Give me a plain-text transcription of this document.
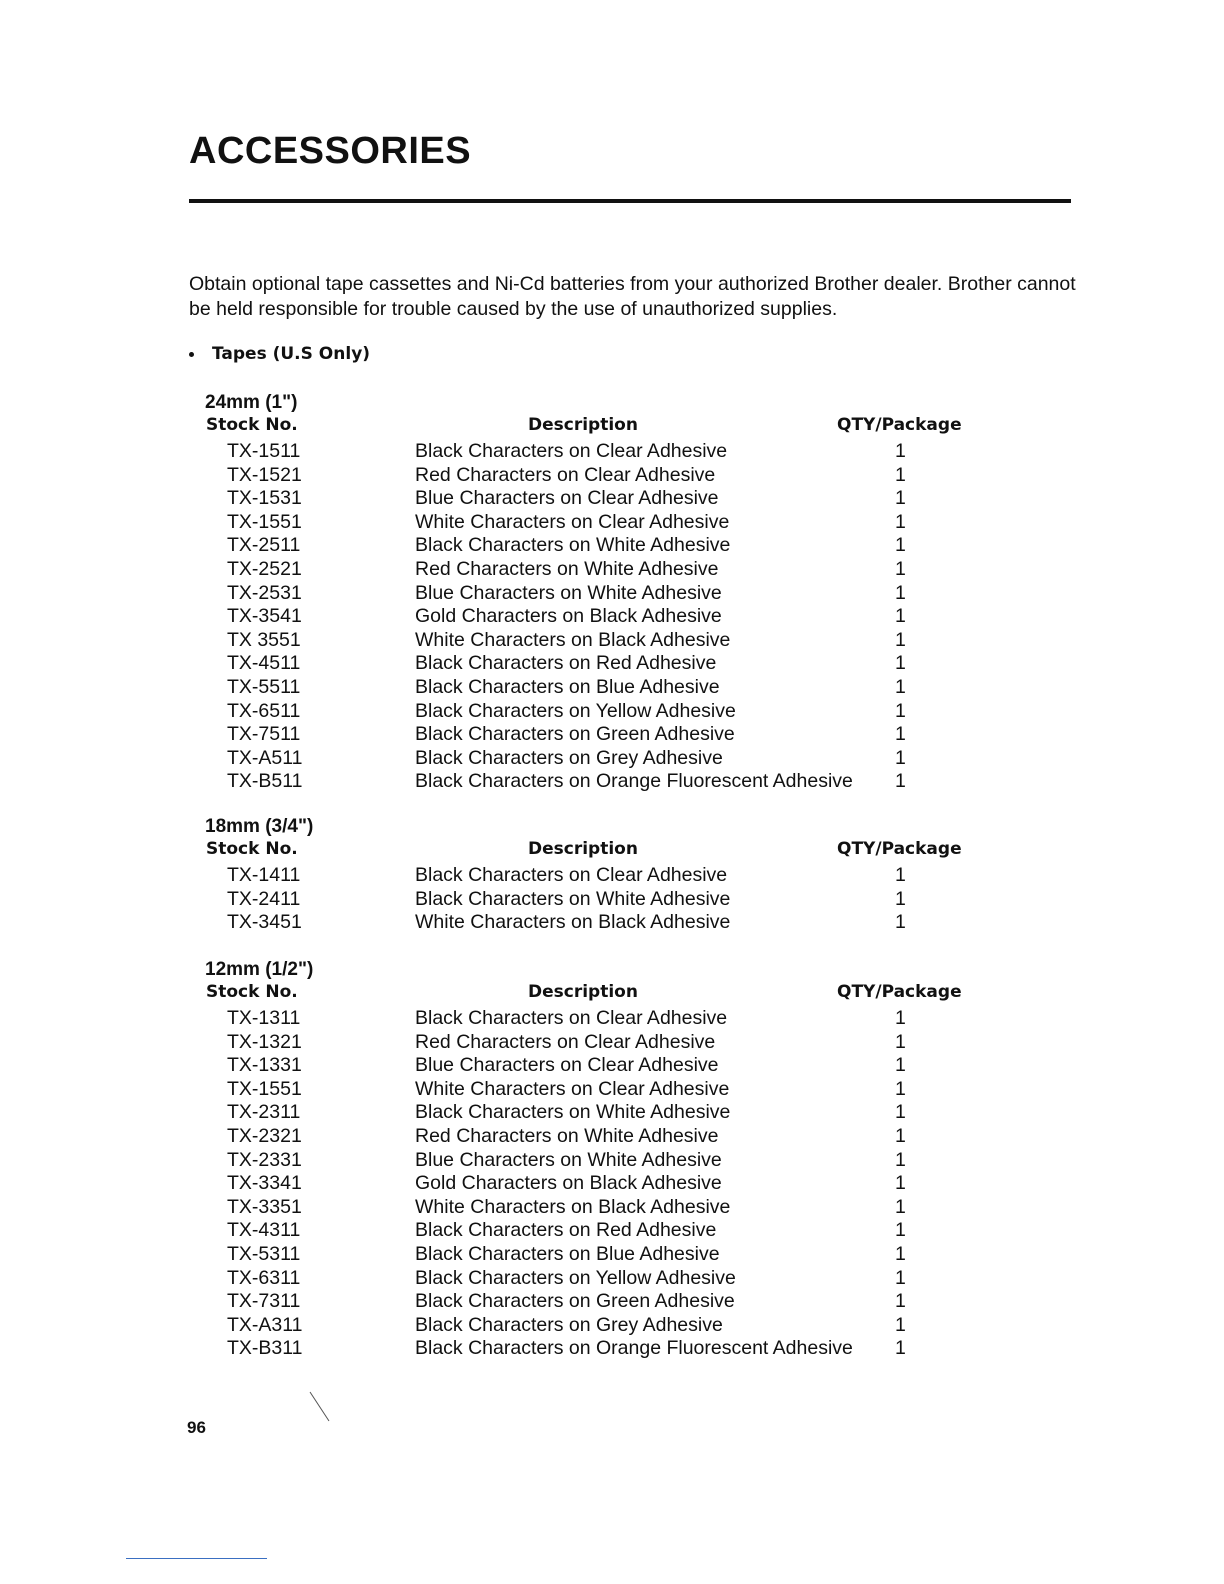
ACCESSORIES

Obtain optional tape cassettes and Ni-Cd batteries from your authorized Brother dealer. Brother cannot be held responsible for trouble caused by the use of unauthorized supplies.

Tapes (U.S Only)
24mm (1")
Stock No.	Description	QTY/Package
TX-1511	Black Characters on Clear Adhesive	1
TX-1521	Red Characters on Clear Adhesive	1
TX-1531	Blue Characters on Clear Adhesive	1
TX-1551	White Characters on Clear Adhesive	1
TX-2511	Black Characters on White Adhesive	1
TX-2521	Red Characters on White Adhesive	1
TX-2531	Blue Characters on White Adhesive	1
TX-3541	Gold Characters on Black Adhesive	1
TX 3551	White Characters on Black Adhesive	1
TX-4511	Black Characters on Red Adhesive	1
TX-5511	Black Characters on Blue Adhesive	1
TX-6511	Black Characters on Yellow Adhesive	1
TX-7511	Black Characters on Green Adhesive	1
TX-A511	Black Characters on Grey Adhesive	1
TX-B511	Black Characters on Orange Fluorescent Adhesive 1
18mm (3/4")
Stock No.	Description	QTY/Package
TX-1411	Black Characters on Clear Adhesive	1
TX-2411	Black Characters on White Adhesive	1
TX-3451	White Characters on Black Adhesive	1
12mm (1/2")
Stock No.	Description	QTY/Package
TX-1311	Black Characters on Clear Adhesive	1
TX-1321	Red Characters on Clear Adhesive	1
TX-1331	Blue Characters on Clear Adhesive	1
TX-1551	White Characters on Clear Adhesive	1
TX-2311	Black Characters on White Adhesive	1
TX-2321	Red Characters on White Adhesive	1
TX-2331	Blue Characters on White Adhesive	1
TX-3341	Gold Characters on Black Adhesive	1
TX-3351	White Characters on Black Adhesive	1
TX-4311	Black Characters on Red Adhesive	1
TX-5311	Black Characters on Blue Adhesive	1
TX-6311	Black Characters on Yellow Adhesive	1
TX-7311	Black Characters on Green Adhesive	1
TX-A311	Black Characters on Grey Adhesive	1
TX-B311	Black Characters on Orange Fluorescent Adhesive 1
96
